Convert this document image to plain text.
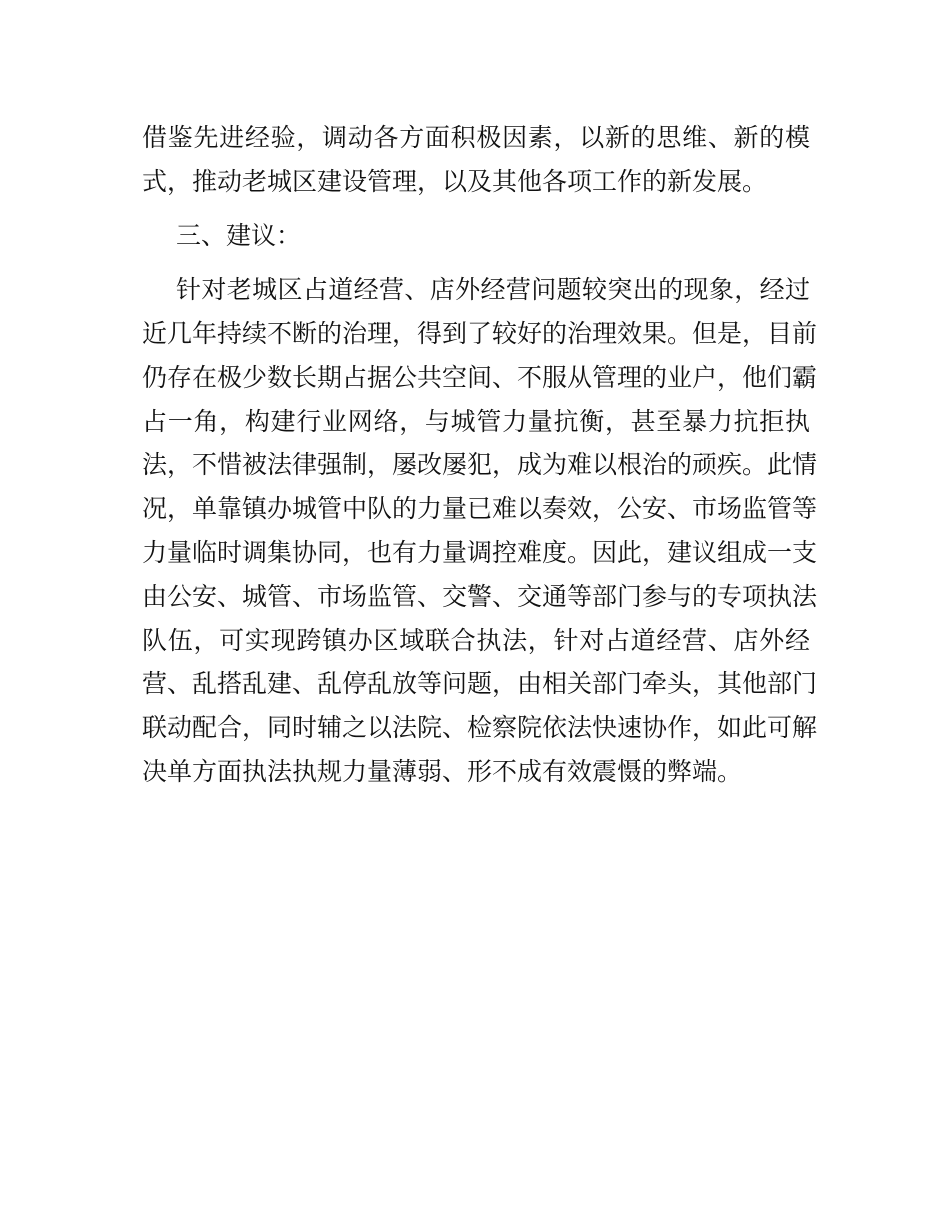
借鉴先进经验，调动各方面积极因素，以新的思维、新的模
式，推动老城区建设管理，以及其他各项工作的新发展。
三、建议：
针对老城区占道经营、店外经营问题较突出的现象，经过
近几年持续不断的治理，得到了较好的治理效果。但是，目前
仍存在极少数长期占据公共空间、不服从管理的业户，他们霸
占一角，构建行业网络，与城管力量抗衡，甚至暴力抗拒执
法，不惜被法律强制，屡改屡犯，成为难以根治的顽疾。此情
况，单靠镇办城管中队的力量已难以奏效，公安、市场监管等
力量临时调集协同，也有力量调控难度。因此，建议组成一支
由公安、城管、市场监管、交警、交通等部门参与的专项执法
队伍，可实现跨镇办区域联合执法，针对占道经营、店外经
营、乱搭乱建、乱停乱放等问题，由相关部门牵头，其他部门
联动配合，同时辅之以法院、检察院依法快速协作，如此可解
决单方面执法执规力量薄弱、形不成有效震慑的弊端。
